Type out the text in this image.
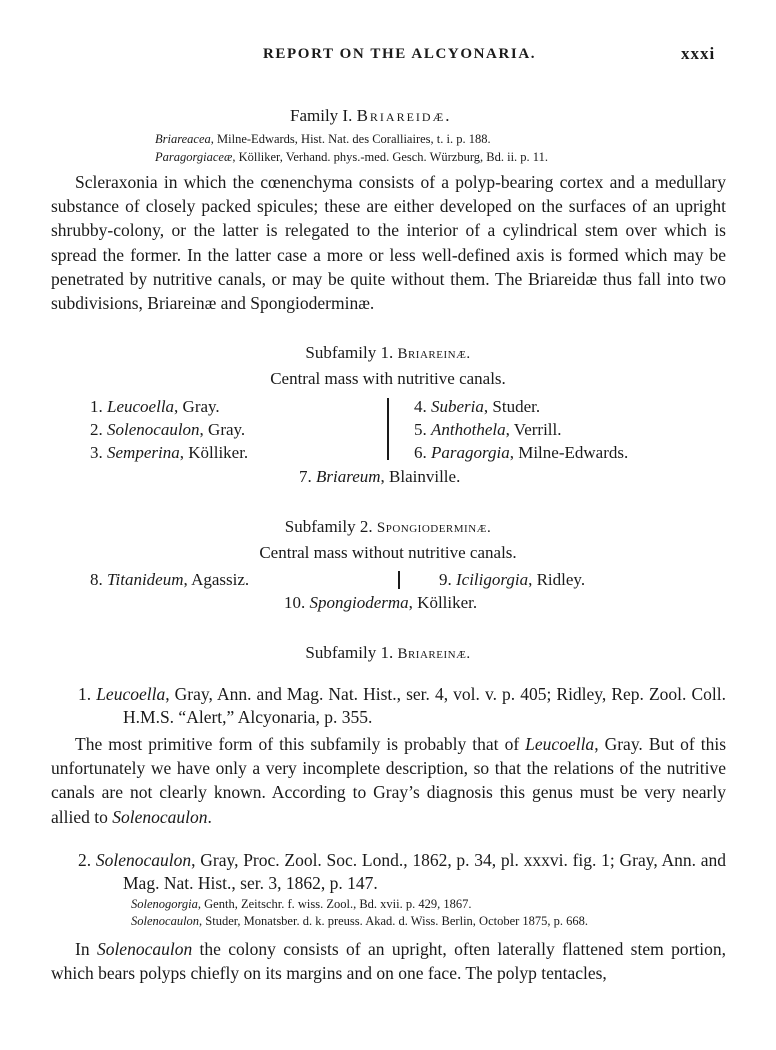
REPORT ON THE ALCYONARIA.	xxxi
Family I. Briareidæ.
Briareacea, Milne-Edwards, Hist. Nat. des Coralliaires, t. i. p. 188.
Paragorgiaceæ, Kölliker, Verhand. phys.-med. Gesch. Würzburg, Bd. ii. p. 11.

Scleraxonia in which the cœnenchyma consists of a polyp-bearing cortex and a medullary substance of closely packed spicules; these are either developed on the surfaces of an upright shrubby-colony, or the latter is relegated to the interior of a cylindrical stem over which is spread the former. In the latter case a more or less well-defined axis is formed which may be penetrated by nutritive canals, or may be quite without them. The Briareidæ thus fall into two subdivisions, Briareinæ and Spongioderminæ.

Subfamily 1. Briareinæ.
Central mass with nutritive canals.
1. Leucoella, Gray.
2. Solenocaulon, Gray.
3. Semperina, Kölliker.
4. Suberia, Studer.
5. Anthothela, Verrill.
6. Paragorgia, Milne-Edwards.
7. Briareum, Blainville.
Subfamily 2. Spongioderminæ.
Central mass without nutritive canals.
8. Titanideum, Agassiz.	9. Iciligorgia, Ridley.
10. Spongioderma, Kölliker.
Subfamily 1. Briareinæ.

1. Leucoella, Gray, Ann. and Mag. Nat. Hist., ser. 4, vol. v. p. 405; Ridley, Rep. Zool. Coll. H.M.S. “Alert,” Alcyonaria, p. 355.

The most primitive form of this subfamily is probably that of Leucoella, Gray. But of this unfortunately we have only a very incomplete description, so that the relations of the nutritive canals are not clearly known. According to Gray’s diagnosis this genus must be very nearly allied to Solenocaulon.

2. Solenocaulon, Gray, Proc. Zool. Soc. Lond., 1862, p. 34, pl. xxxvi. fig. 1; Gray, Ann. and Mag. Nat. Hist., ser. 3, 1862, p. 147.

Solenogorgia, Genth, Zeitschr. f. wiss. Zool., Bd. xvii. p. 429, 1867.
Solenocaulon, Studer, Monatsber. d. k. preuss. Akad. d. Wiss. Berlin, October 1875, p. 668.

In Solenocaulon the colony consists of an upright, often laterally flattened stem portion, which bears polyps chiefly on its margins and on one face. The polyp tentacles,
